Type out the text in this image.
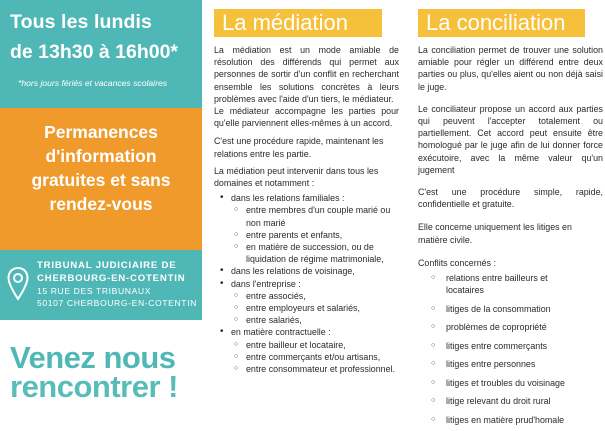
Tous les lundis
de 13h30 à 16h00*
*hors jours fériés et vacances scolaires
Permanences
d'information
gratuites et sans
rendez-vous
TRIBUNAL JUDICIAIRE DE
CHERBOURG-EN-COTENTIN
15 RUE DES TRIBUNAUX
50107 CHERBOURG-EN-COTENTIN
Venez nous
rencontrer !
La médiation

La médiation est un mode amiable de résolution des différends qui permet aux personnes de sortir d'un conflit en recherchant ensemble les solutions concrètes à leurs problèmes avec l'aide d'un tiers, le médiateur.

Le médiateur accompagne les parties pour qu'elle parviennent elles-mêmes à un accord.

C'est une procédure rapide, maintenant les relations entre les partie.

La médiation peut intervenir dans tous les domaines et notamment :

• dans les relations familiales :
○ entre membres d'un couple marié ou non marié
○ entre parents et enfants,
○ en matière de succession, ou de liquidation de régime matrimoniale,
• dans les relations de voisinage,
• dans l'entreprise :
○ entre associés,
○ entre employeurs et salariés,
○ entre salariés,
• en matière contractuelle :
○ entre bailleur et locataire,
○ entre commerçants et/ou artisans,
○ entre consommateur et professionnel.
La conciliation

La conciliation permet de trouver une solution amiable pour régler un différend entre deux parties ou plus, qu'elles aient ou non déjà saisi le juge.

Le conciliateur propose un accord aux parties qui peuvent l'accepter totalement ou partiellement. Cet accord peut ensuite être homologué par le juge afin de lui donner force exécutoire, avec la même valeur qu'un jugement

C'est une procédure simple, rapide, confidentielle et gratuite.

Elle concerne uniquement les litiges en matière civile.

Conflits concernés :

○ relations entre bailleurs et locataires
○ litiges de la consommation
○ problèmes de copropriété
○ litiges entre commerçants
○ litiges entre personnes
○ litiges et troubles du voisinage
○ litige relevant du droit rural
○ litiges en matière prud'homale
